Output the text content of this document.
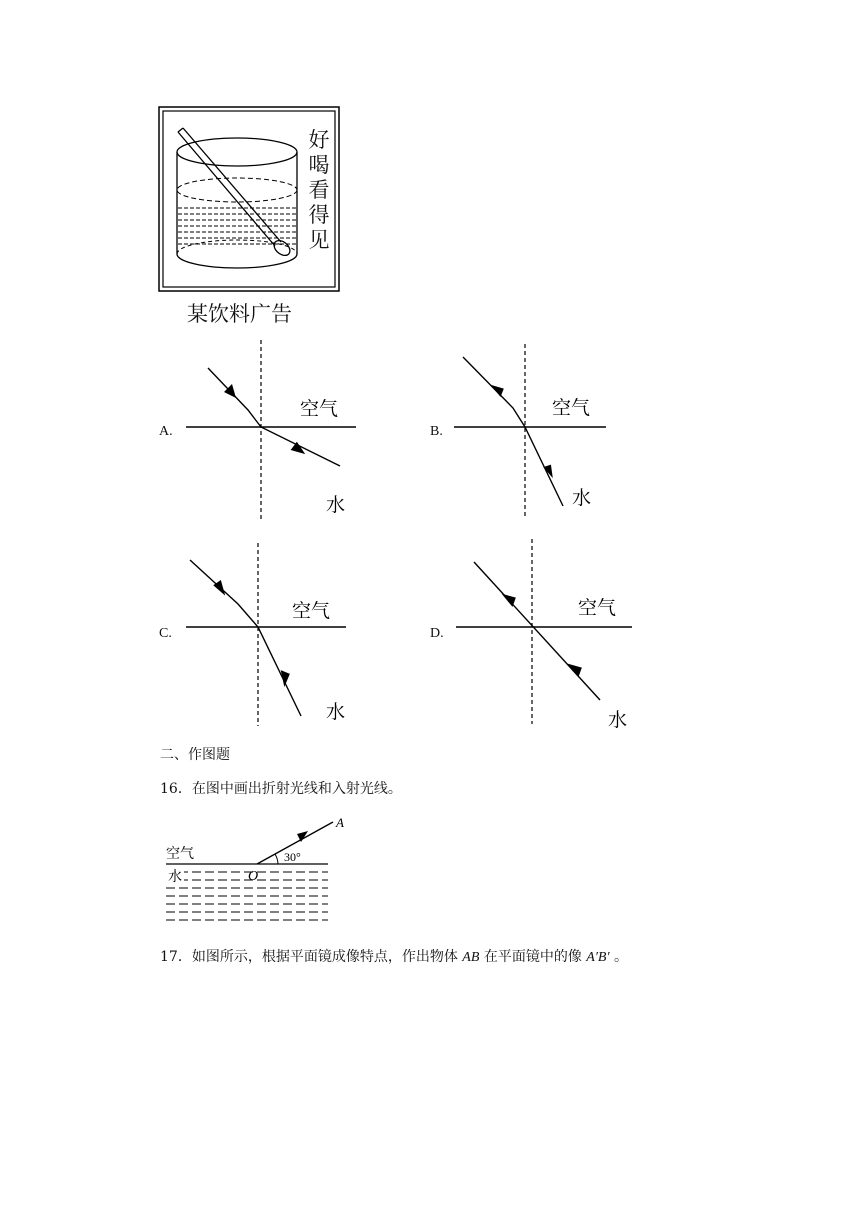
好
喝
看
得
见
某饮料广告
A.
空气
水
B.
空气
水
C.
空气
水
D.
空气
水
二、作图题
16．在图中画出折射光线和入射光线。
30°
A
O
空气
水
17．如图所示，根据平面镜成像特点，作出物体 AB 在平面镜中的像 A′B′ 。
